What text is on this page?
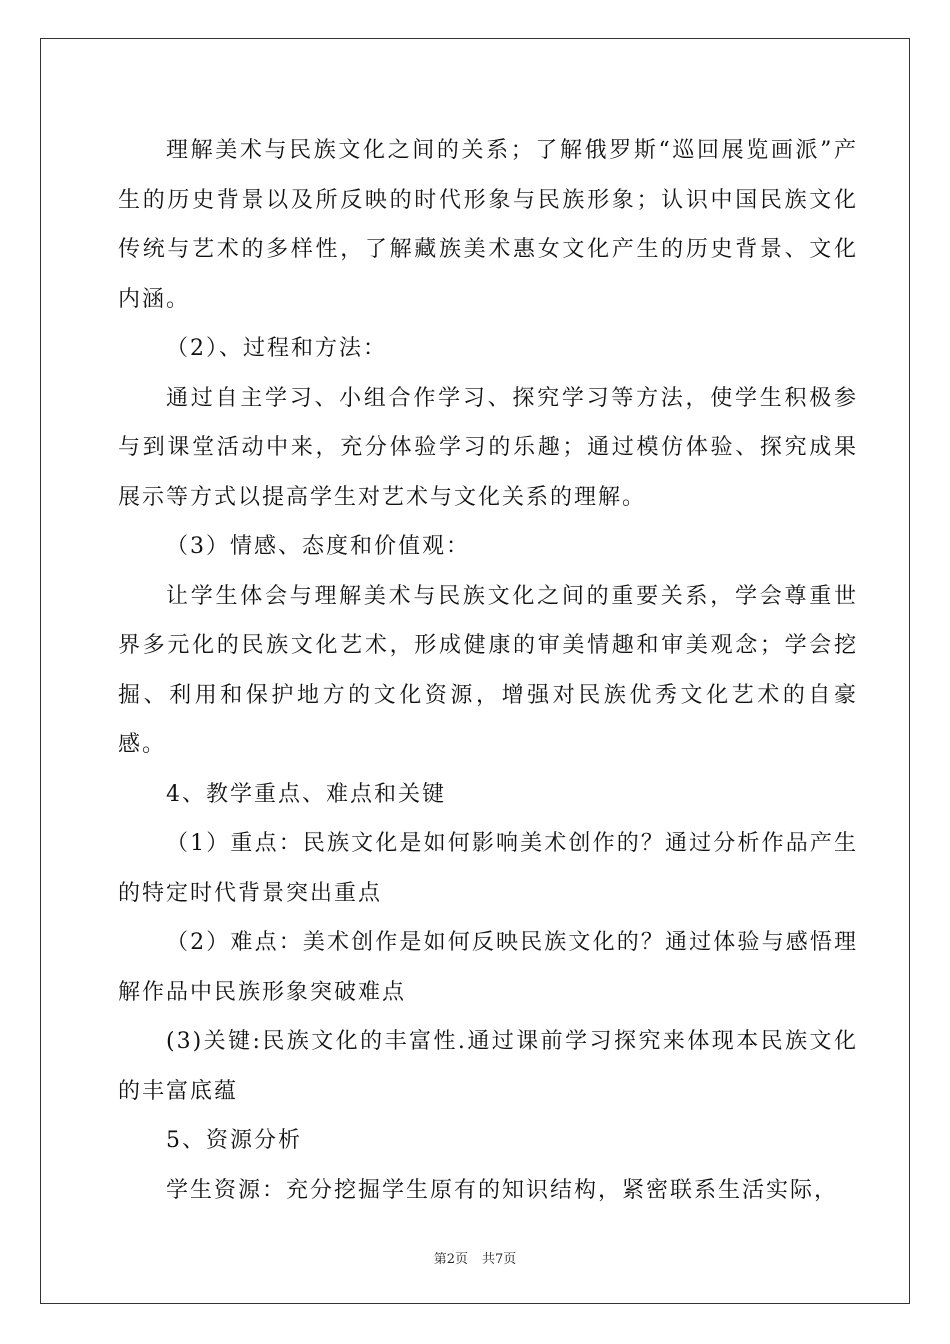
理解美术与民族文化之间的关系；了解俄罗斯“巡回展览画派”产生的历史背景以及所反映的时代形象与民族形象；认识中国民族文化传统与艺术的多样性，了解藏族美术惠女文化产生的历史背景、文化内涵。

（2）、过程和方法：

通过自主学习、小组合作学习、探究学习等方法，使学生积极参与到课堂活动中来，充分体验学习的乐趣；通过模仿体验、探究成果展示等方式以提高学生对艺术与文化关系的理解。

（3）情感、态度和价值观：

让学生体会与理解美术与民族文化之间的重要关系，学会尊重世界多元化的民族文化艺术，形成健康的审美情趣和审美观念；学会挖掘、利用和保护地方的文化资源，增强对民族优秀文化艺术的自豪感。

4、教学重点、难点和关键

（1）重点：民族文化是如何影响美术创作的？通过分析作品产生的特定时代背景突出重点

（2）难点：美术创作是如何反映民族文化的？通过体验与感悟理解作品中民族形象突破难点

(3)关键:民族文化的丰富性.通过课前学习探究来体现本民族文化的丰富底蕴

5、资源分析

学生资源：充分挖掘学生原有的知识结构，紧密联系生活实际，

第2页 共7页
